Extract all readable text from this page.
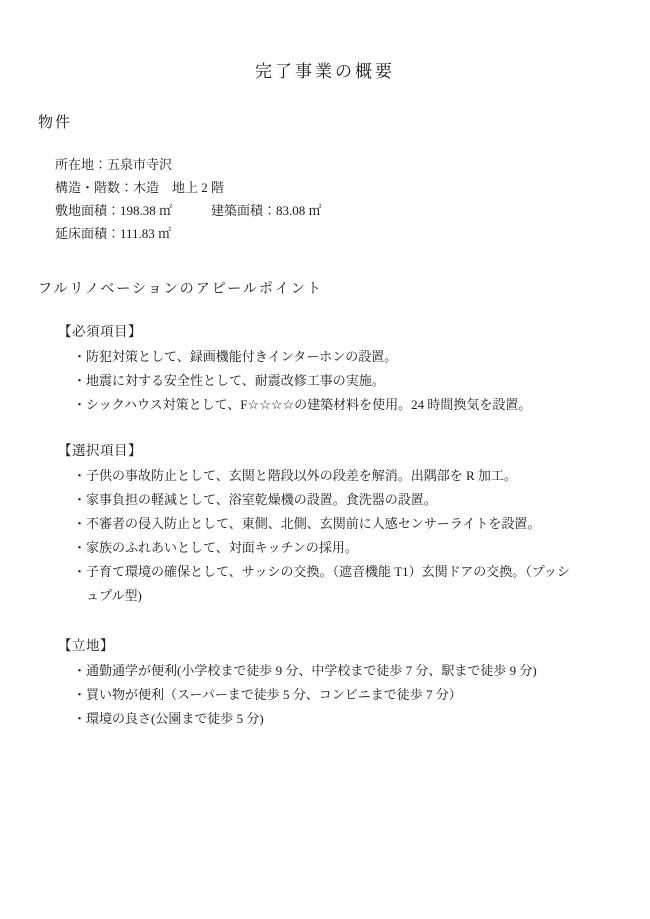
完了事業の概要
物件
所在地：五泉市寺沢
構造・階数：木造　地上 2 階
敷地面積：198.38 ㎡　　　建築面積：83.08 ㎡
延床面積：111.83 ㎡
フルリノベーションのアピールポイント
【必須項目】
・防犯対策として、録画機能付きインターホンの設置。
・地震に対する安全性として、耐震改修工事の実施。
・シックハウス対策として、F☆☆☆☆の建築材料を使用。24 時間換気を設置。
【選択項目】
・子供の事故防止として、玄関と階段以外の段差を解消。出隅部を R 加工。
・家事負担の軽減として、浴室乾燥機の設置。食洗器の設置。
・不審者の侵入防止として、東側、北側、玄関前に人感センサーライトを設置。
・家族のふれあいとして、対面キッチンの採用。
・子育て環境の確保として、サッシの交換。（遮音機能 T1）玄関ドアの交換。（プッシ
ュプル型)
【立地】
・通勤通学が便利(小学校まで徒歩 9 分、中学校まで徒歩 7 分、駅まで徒歩 9 分)
・買い物が便利（スーパーまで徒歩 5 分、コンビニまで徒歩 7 分）
・環境の良さ(公園まで徒歩 5 分)
